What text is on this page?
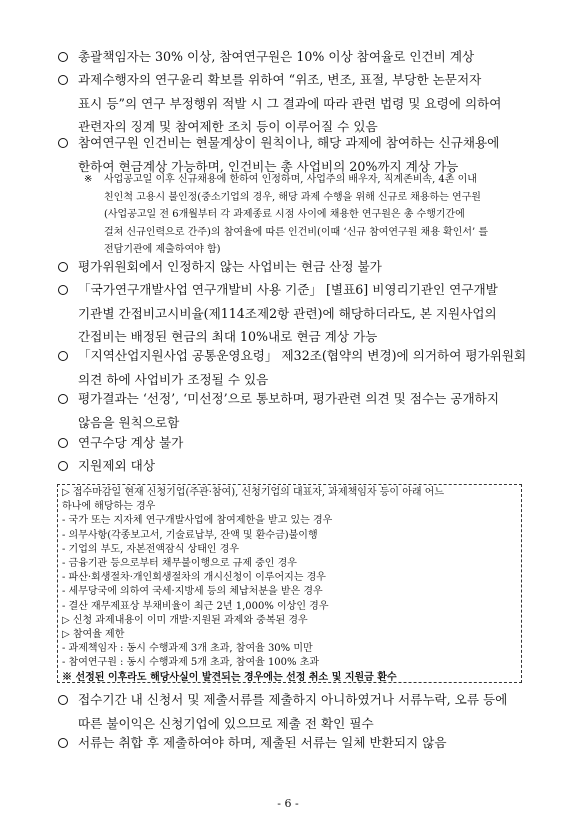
총괄책임자는 30% 이상, 참여연구원은 10% 이상 참여율로 인건비 계상
과제수행자의 연구윤리 확보를 위하여 “위조, 변조, 표절, 부당한 논문저자
표시 등”의 연구 부정행위 적발 시 그 결과에 따라 관련 법령 및 요령에 의하여
관련자의 징계 및 참여제한 조치 등이 이루어질 수 있음
참여연구원 인건비는 현물계상이 원칙이나, 해당 과제에 참여하는 신규채용에
한하여 현금계상 가능하며, 인건비는 총 사업비의 20%까지 계상 가능
평가위원회에서 인정하지 않는 사업비는 현금 산정 불가
「국가연구개발사업 연구개발비 사용 기준」 [별표6] 비영리기관인 연구개발
기관별 간접비고시비율(제114조제2항 관련)에 해당하더라도, 본 지원사업의
간접비는 배정된 현금의 최대 10%내로 현금 계상 가능
「지역산업지원사업 공통운영요령」 제32조(협약의 변경)에 의거하여 평가위원회
의견 하에 사업비가 조정될 수 있음
평가결과는 ‘선정’, ‘미선정’으로 통보하며, 평가관련 의견 및 점수는 공개하지
않음을 원칙으로함
연구수당 계상 불가
지원제외 대상
접수기간 내 신청서 및 제출서류를 제출하지 아니하였거나 서류누락, 오류 등에
따른 불이익은 신청기업에 있으므로 제출 전 확인 필수
서류는 취합 후 제출하여야 하며, 제출된 서류는 일체 반환되지 않음
※ 사업공고일 이후 신규채용에 한하여 인정하며, 사업주의 배우자, 직계존비속, 4촌 이내
친인척 고용시 불인정(중소기업의 경우, 해당 과제 수행을 위해 신규로 채용하는 연구원
(사업공고일 전 6개월부터 각 과제종료 시점 사이에 채용한 연구원은 총 수행기간에
걸쳐 신규인력으로 간주)의 참여율에 따른 인건비(이때 ‘신규 참여연구원 채용 확인서’ 를
전담기관에 제출하여야 함)
▷ 접수마감일 현재 신청기업(주관·참여), 신청기업의 대표자, 과제책임자 등이 아래 어느
하나에 해당하는 경우
- 국가 또는 지자체 연구개발사업에 참여제한을 받고 있는 경우
- 의무사항(각종보고서, 기술료납부, 잔액 및 환수금)불이행
- 기업의 부도, 자본전액잠식 상태인 경우
- 금융기관 등으로부터 채무불이행으로 규제 중인 경우
- 파산·회생절차·개인회생절차의 개시신청이 이루어지는 경우
- 세무당국에 의하여 국세·지방세 등의 체납처분을 받은 경우
- 결산 재무제표상 부채비율이 최근 2년 1,000% 이상인 경우
▷ 신청 과제내용이 이미 개발·지원된 과제와 중복된 경우
▷ 참여율 제한
- 과제책임자 : 동시 수행과제 3개 초과, 참여율 30% 미만
- 참여연구원 : 동시 수행과제 5개 초과, 참여율 100% 초과
※ 선정된 이후라도 해당사실이 발견되는 경우에는 선정 취소 및 지원금 환수
- 6 -
